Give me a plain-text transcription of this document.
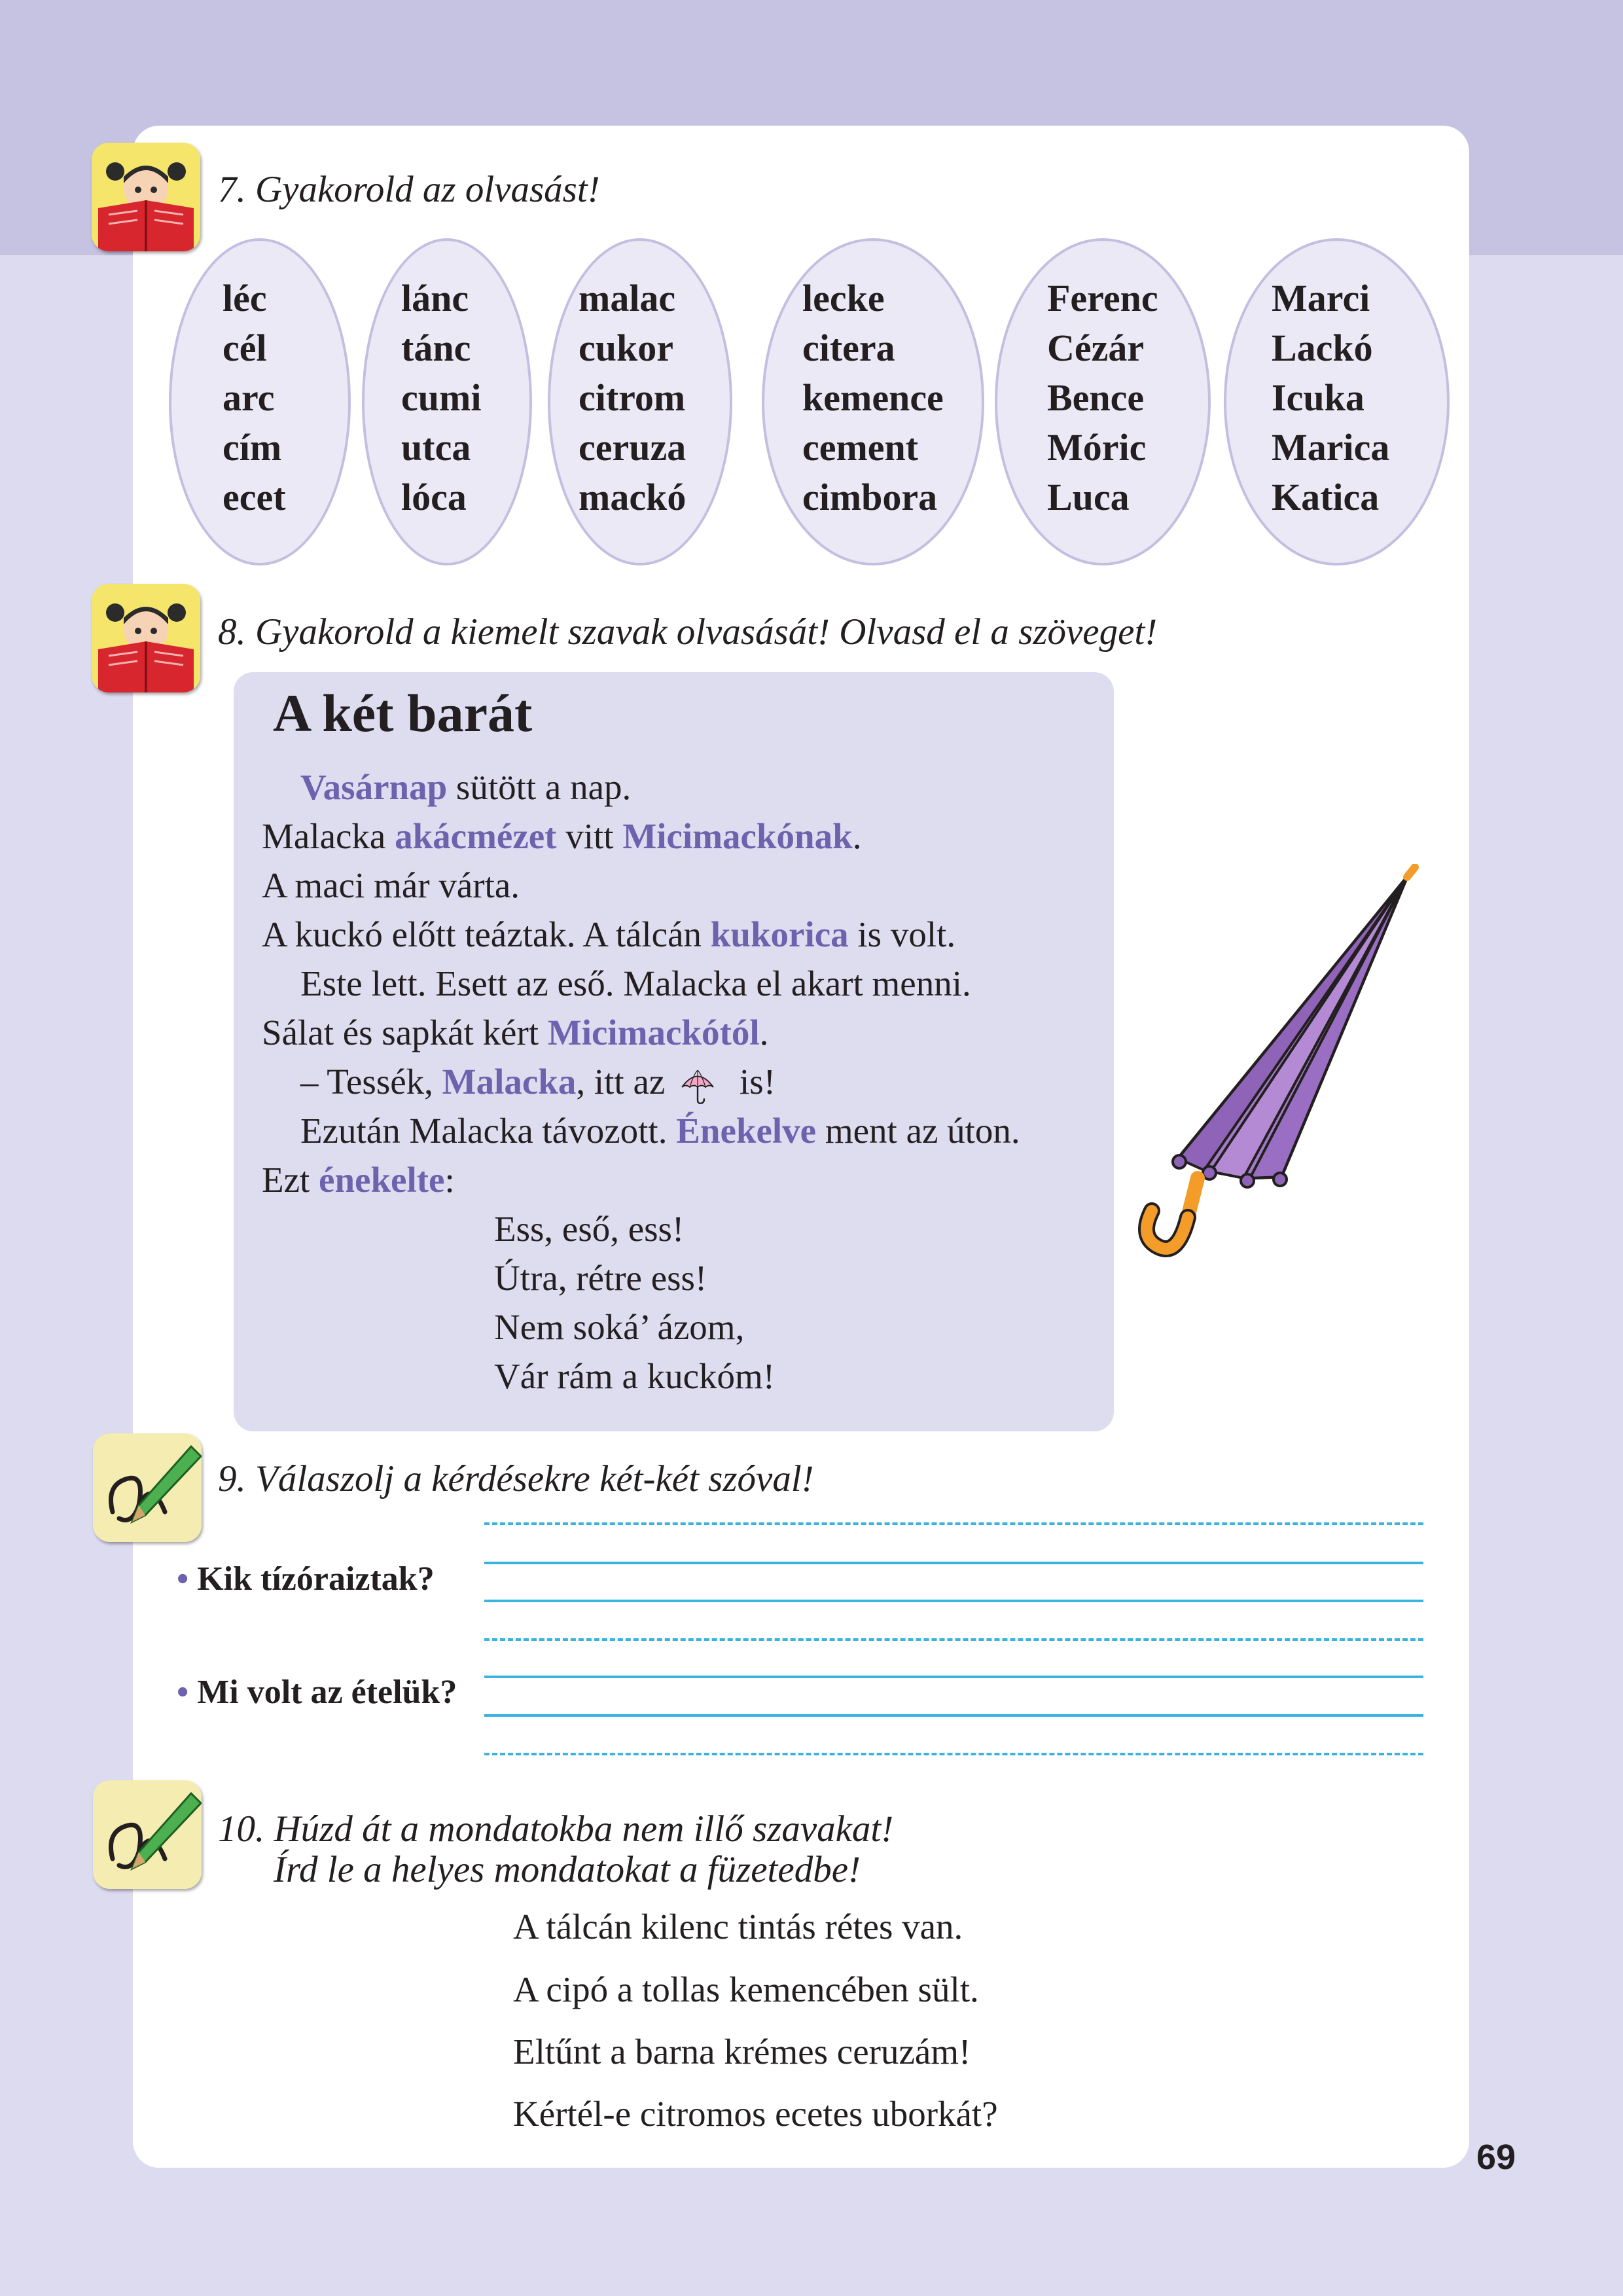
7. Gyakorold az olvasást!
léc
cél
arc
cím
ecet
lánc
tánc
cumi
utca
lóca
malac
cukor
citrom
ceruza
mackó
lecke
citera
kemence
cement
cimbora
Ferenc
Cézár
Bence
Móric
Luca
Marci
Lackó
Icuka
Marica
Katica
8. Gyakorold a kiemelt szavak olvasását! Olvasd el a szöveget!
A két barát
Vasárnap sütött a nap.
Malacka akácmézet vitt Micimackónak.
A maci már várta.
A kuckó előtt teáztak. A tálcán kukorica is volt.
Este lett. Esett az eső. Malacka el akart menni.
Sálat és sapkát kért Micimackótól.
– Tessék, Malacka, itt az is!
Ezután Malacka távozott. Énekelve ment az úton.
Ezt énekelte:
Ess, eső, ess!
Útra, rétre ess!
Nem soká’ ázom,
Vár rám a kuckóm!
9. Válaszolj a kérdésekre két-két szóval!
• Kik tízóraiztak?
• Mi volt az ételük?
10. Húzd át a mondatokba nem illő szavakat!
Írd le a helyes mondatokat a füzetedbe!
A tálcán kilenc tintás rétes van.
A cipó a tollas kemencében sült.
Eltűnt a barna krémes ceruzám!
Kértél-e citromos ecetes uborkát?
69
